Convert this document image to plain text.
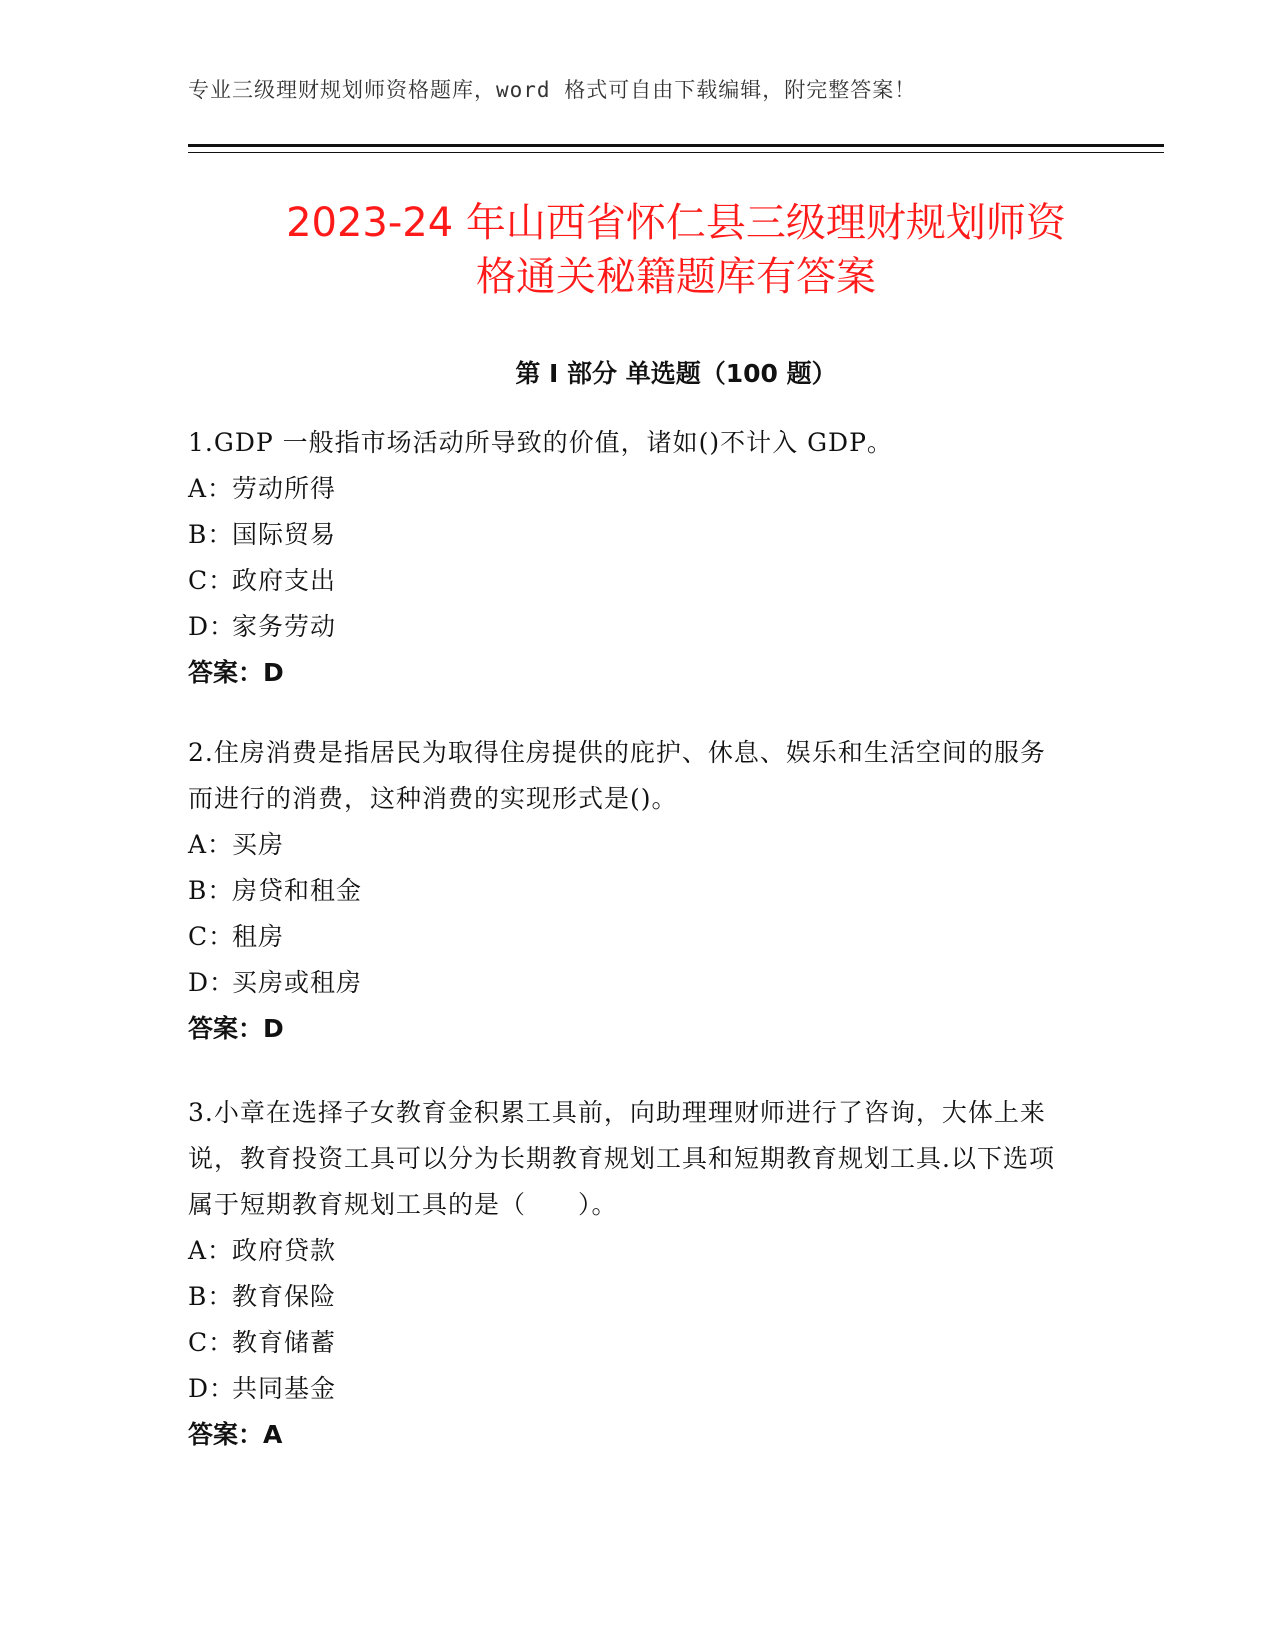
专业三级理财规划师资格题库，word 格式可自由下载编辑，附完整答案！
2023-24 年山西省怀仁县三级理财规划师资
格通关秘籍题库有答案
第 I 部分 单选题（100 题）

1.GDP 一般指市场活动所导致的价值，诸如()不计入 GDP。

A：劳动所得

B：国际贸易

C：政府支出

D：家务劳动

答案：D

2.住房消费是指居民为取得住房提供的庇护、休息、娱乐和生活空间的服务而进行的消费，这种消费的实现形式是()。

A：买房

B：房贷和租金

C：租房

D：买房或租房

答案：D

3.小章在选择子女教育金积累工具前，向助理理财师进行了咨询，大体上来说，教育投资工具可以分为长期教育规划工具和短期教育规划工具.以下选项属于短期教育规划工具的是（　　）。

A：政府贷款

B：教育保险

C：教育储蓄

D：共同基金

答案：A
